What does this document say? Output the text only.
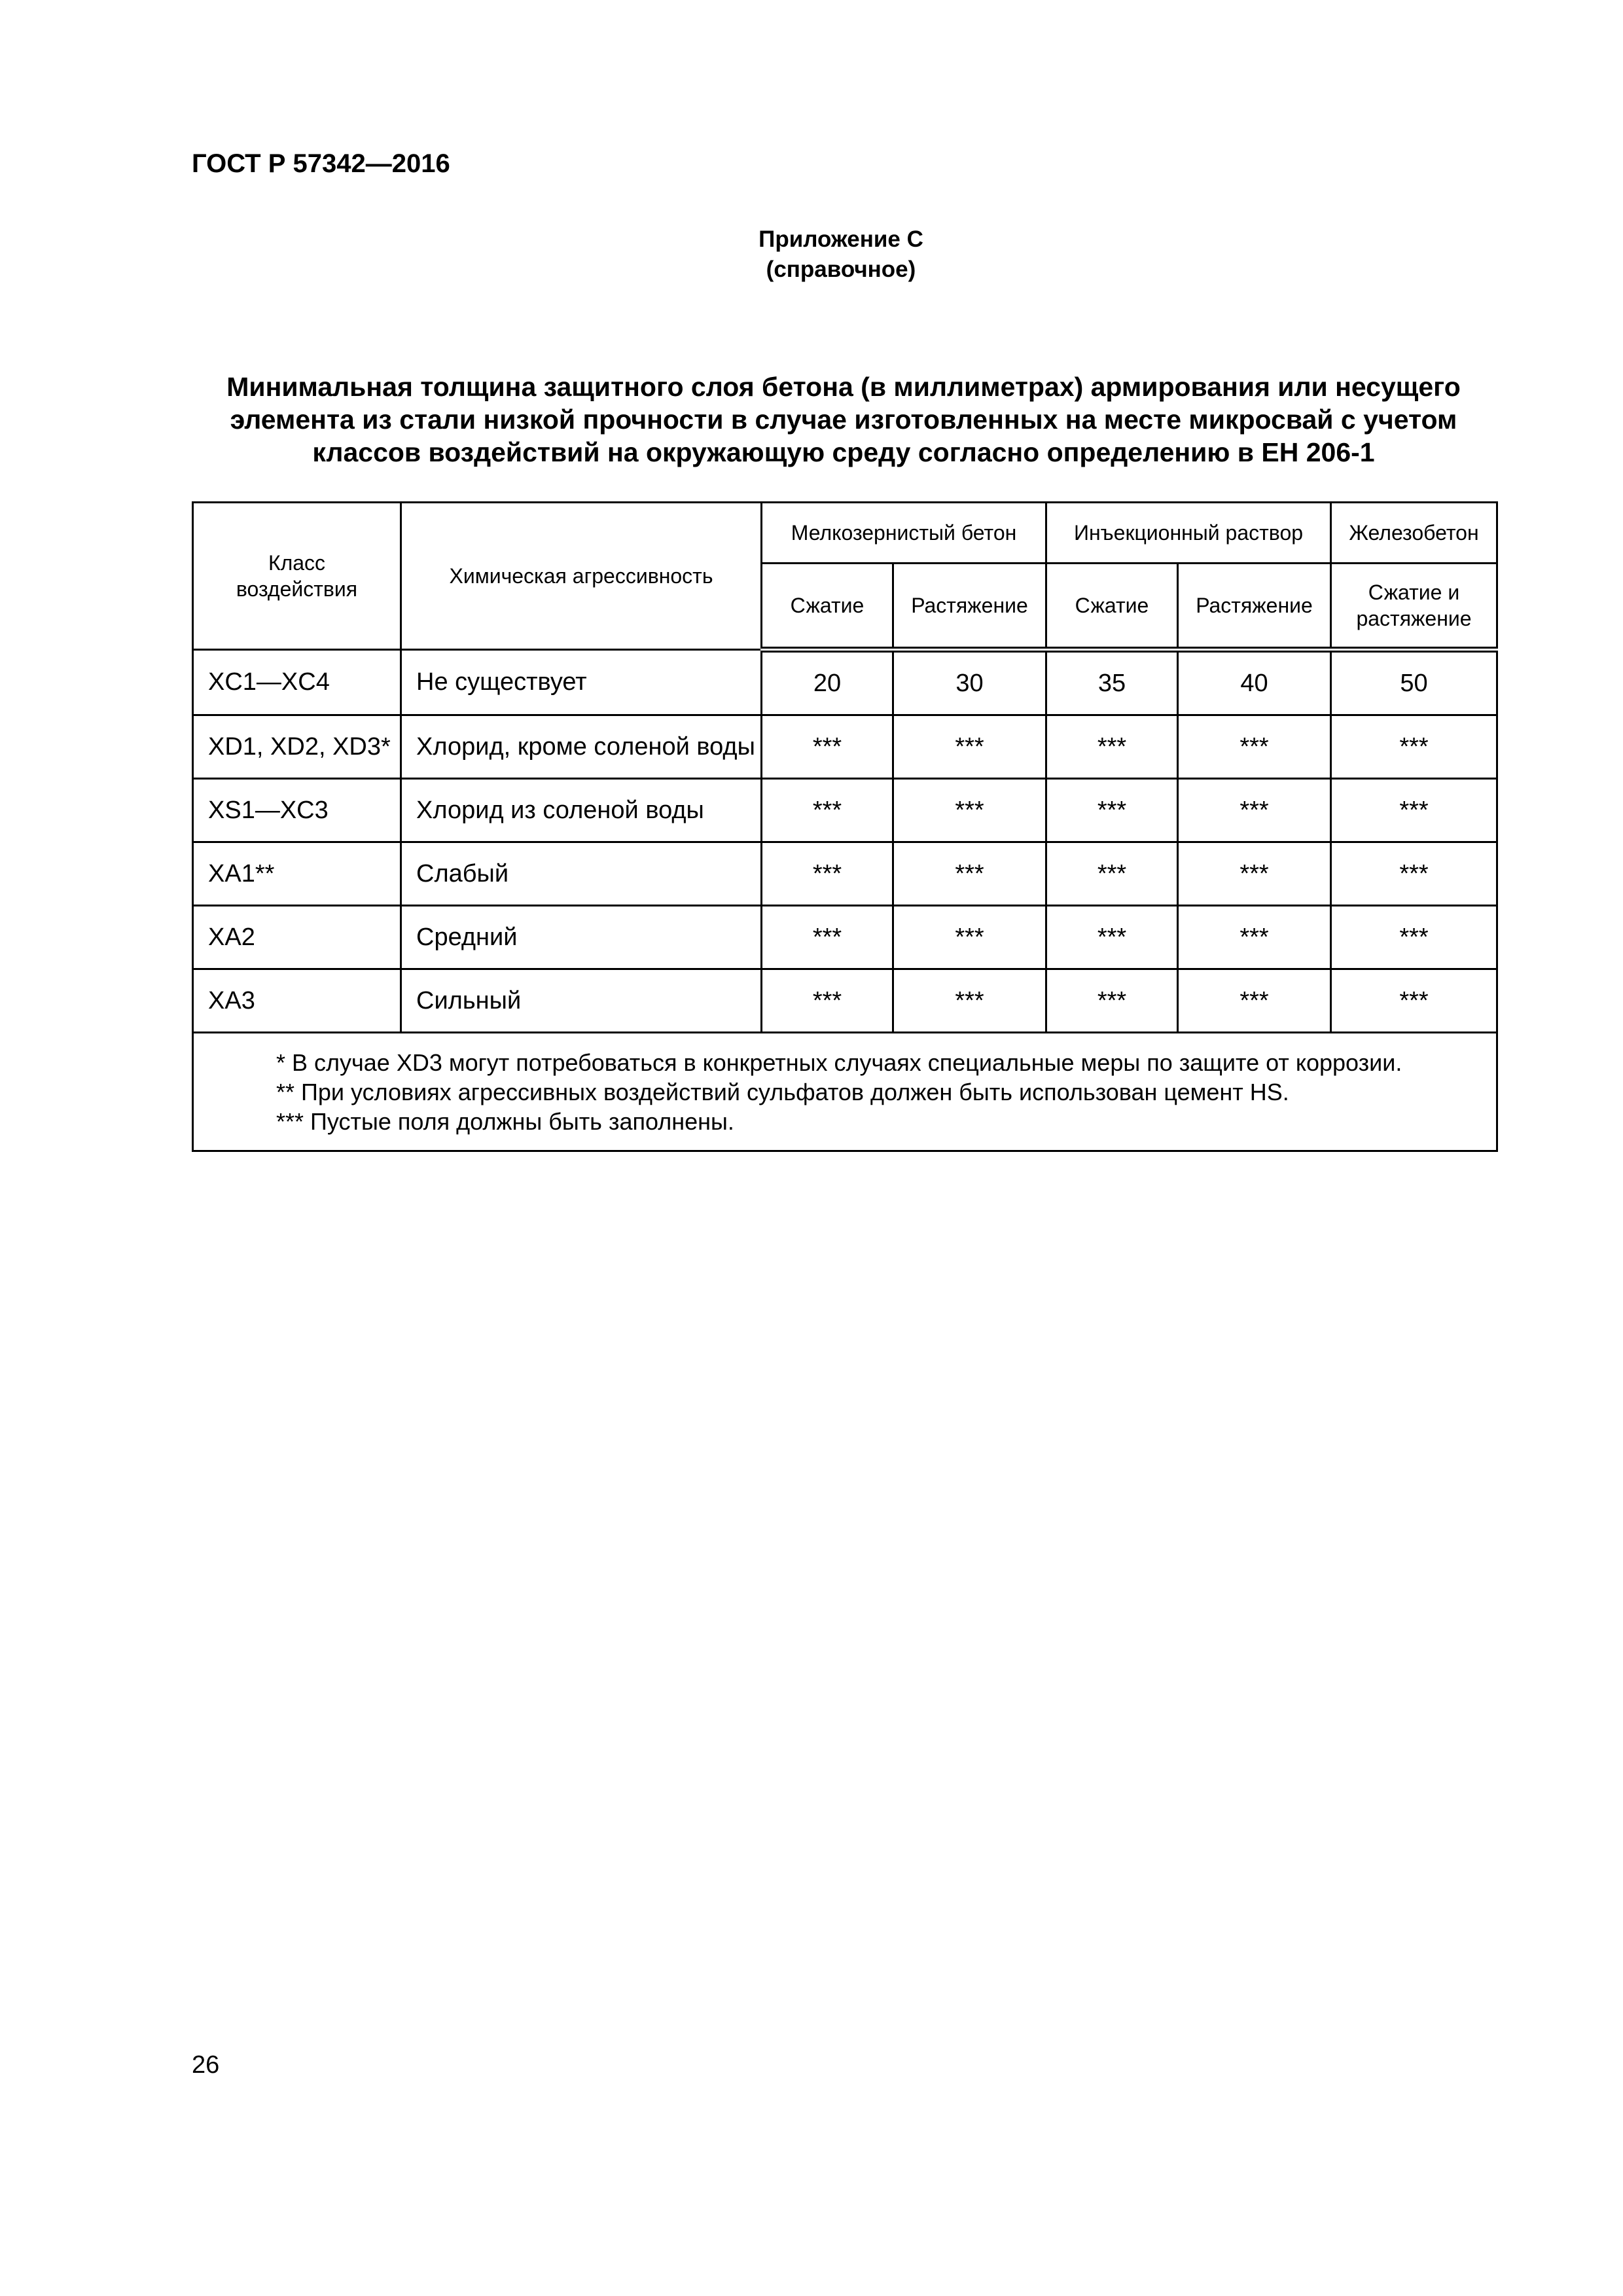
ГОСТ Р 57342—2016
Приложение С
(справочное)
Минимальная толщина защитного слоя бетона (в миллиметрах) армирования или несущего
элемента из стали низкой прочности в случае изготовленных на месте микросвай с учетом
классов воздействий на окружающую среду согласно определению в ЕН 206-1
Класс воздействия	Химическая агрессивность	Мелкозернистый бетон		Инъекционный раствор		Железобетон
		Сжатие	Растяжение	Сжатие	Растяжение	Сжатие и растяжение

XC1—XC4	Не существует	20	30	35	40	50
XD1, XD2, XD3*	Хлорид, кроме соленой воды	***	***	***	***	***
XS1—XC3	Хлорид из соленой воды	***	***	***	***	***
XA1**	Слабый	***	***	***	***	***
XA2	Средний	***	***	***	***	***
XA3	Сильный	***	***	***	***	***

* В случае XD3 могут потребоваться в конкретных случаях специальные меры по защите от коррозии.
** При условиях агрессивных воздействий сульфатов должен быть использован цемент HS.
*** Пустые поля должны быть заполнены.						
26
